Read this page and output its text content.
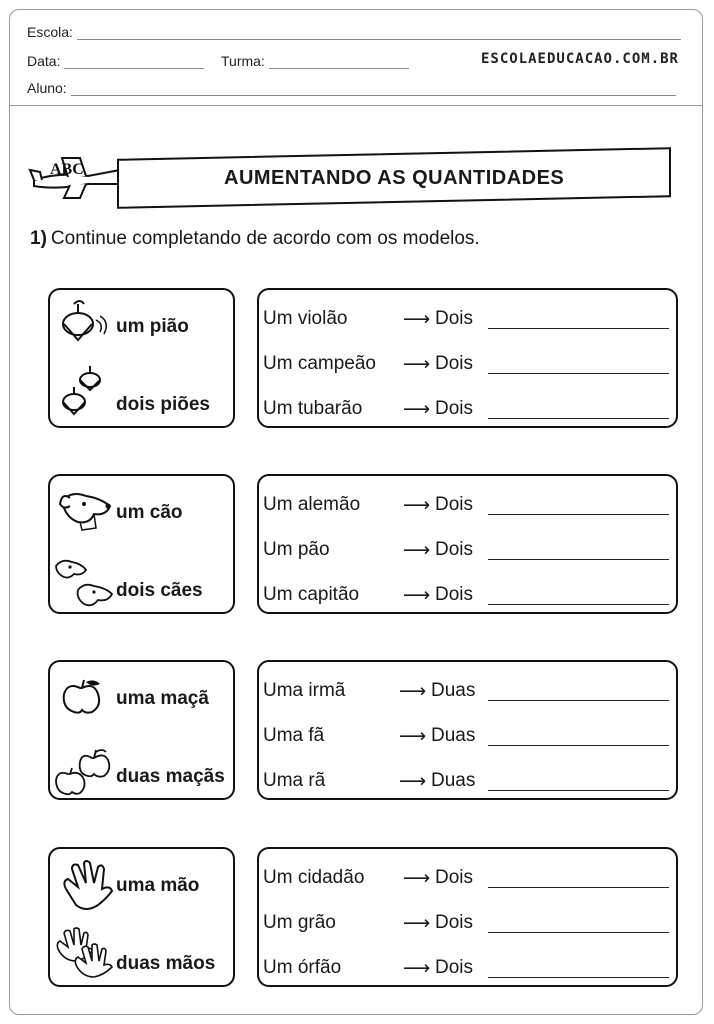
Escola:
Data:	Turma:	ESCOLAEDUCACAO.COM.BR
Aluno:
ABC	AUMENTANDO AS QUANTIDADES
1) Continue completando de acordo com os modelos.
um pião
dois piões
Um violão	⟶ Dois
Um campeão ⟶ Dois
Um tubarão ⟶ Dois
um cão
dois cães
Um alemão ⟶ Dois
Um pão	⟶ Dois
Um capitão ⟶ Dois
uma maçã
duas maçãs
Uma irmã	⟶ Duas
Uma fã	⟶ Duas
Uma rã	⟶ Duas
uma mão
duas mãos
Um cidadão ⟶ Dois
Um grão	⟶ Dois
Um órfão	⟶ Dois
